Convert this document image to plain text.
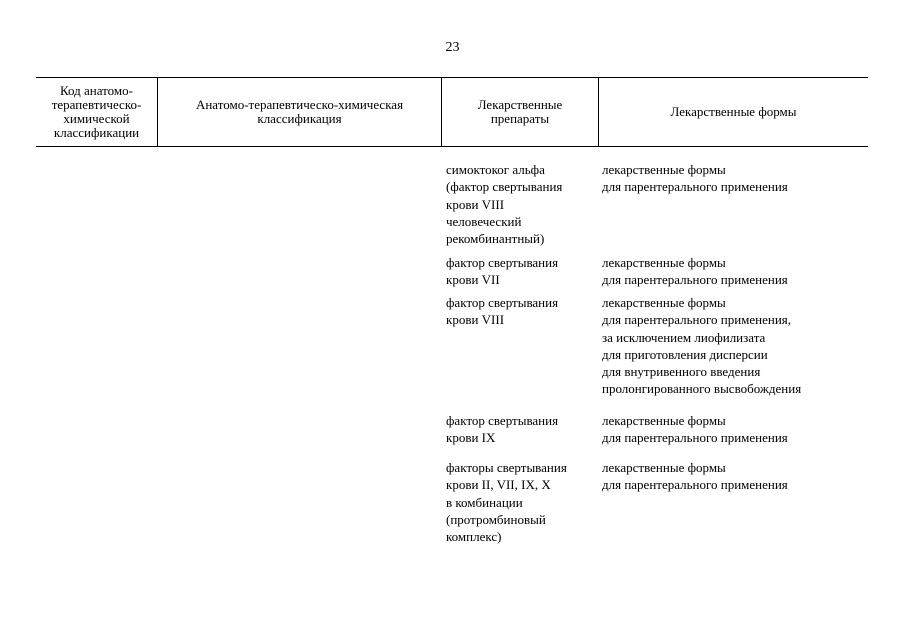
23
Код анатомо-
терапевтическо-
химической
классификации
Анатомо-терапевтическо-химическая
классификация
Лекарственные
препараты	Лекарственные формы
симоктоког альфа
(фактор свертывания
крови VIII
человеческий
рекомбинантный)
лекарственные формы
для парентерального применения
фактор свертывания
крови VII
лекарственные формы
для парентерального применения
фактор свертывания
крови VIII
лекарственные формы
для парентерального применения,
за исключением лиофилизата
для приготовления дисперсии
для внутривенного введения
пролонгированного высвобождения
фактор свертывания
крови IX
лекарственные формы
для парентерального применения
факторы свертывания
крови II, VII, IX, X
в комбинации
(протромбиновый
комплекс)
лекарственные формы
для парентерального применения
